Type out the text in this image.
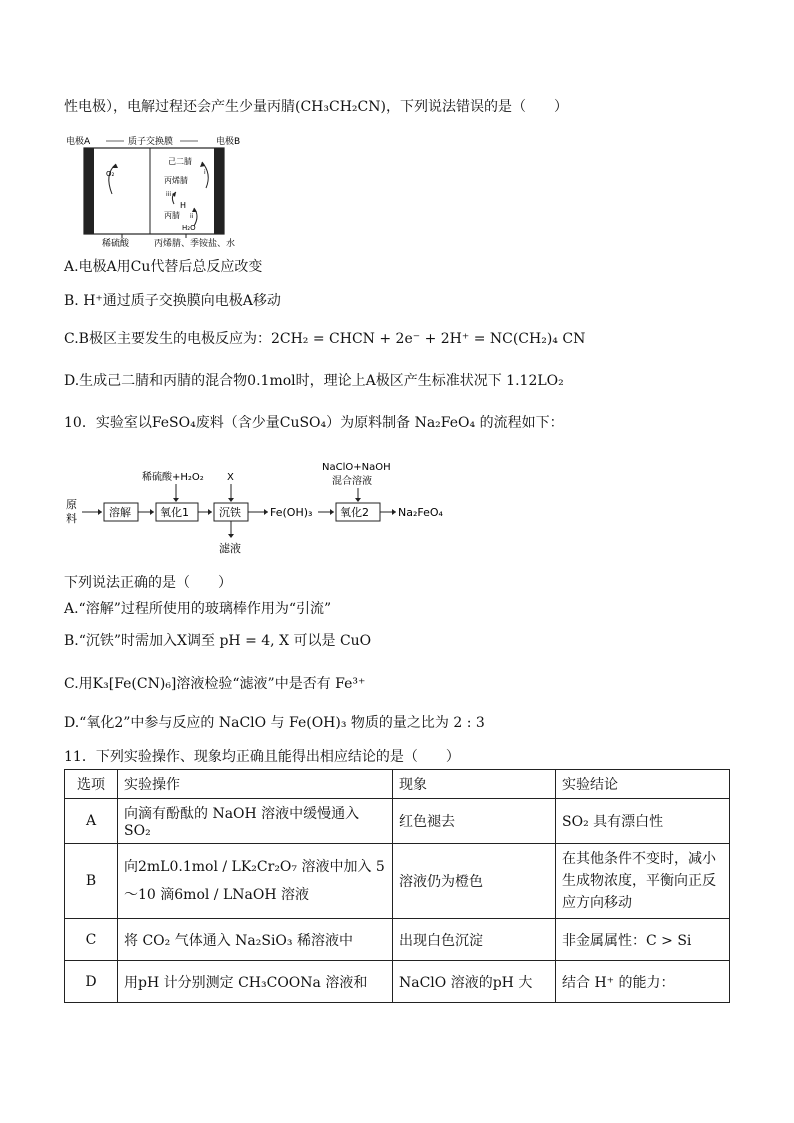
性电极），电解过程还会产生少量丙腈(CH₃CH₂CN)，下列说法错误的是（　　）
电极A	质子交换膜	电极B
O₂
己二腈
丙烯腈
iii
H
丙腈 ii
i
H₂O
稀硫酸	丙烯腈、季铵盐、水
A.电极A用Cu代替后总反应改变
B. H⁺通过质子交换膜向电极A移动
C.B极区主要发生的电极反应为：2CH₂ = CHCN + 2e⁻ + 2H⁺ = NC(CH₂)₄ CN
D.生成己二腈和丙腈的混合物0.1mol时，理论上A极区产生标准状况下 1.12LO₂
10．实验室以FeSO₄废料（含少量CuSO₄）为原料制备 Na₂FeO₄ 的流程如下：
原
料	溶解	氧化1	沉铁	Fe(OH)₃	氧化2	Na₂FeO₄
稀硫酸+H₂O₂ X
NaClO+NaOH
混合溶液
滤液
下列说法正确的是（　　）
A.“溶解”过程所使用的玻璃棒作用为“引流”
B.“沉铁”时需加入X调至 pH = 4, X 可以是 CuO
C.用K₃[Fe(CN)₆]溶液检验“滤液”中是否有 Fe³⁺
D.“氧化2”中参与反应的 NaClO 与 Fe(OH)₃ 物质的量之比为 2 : 3
11．下列实验操作、现象均正确且能得出相应结论的是（　　）
选项	实验操作	现象	实验结论
A	向滴有酚酞的 NaOH 溶液中缓慢通入 SO₂	红色褪去	SO₂ 具有漂白性
B	向2mL0.1mol / LK₂Cr₂O₇ 溶液中加入 5～10 滴6mol / LNaOH 溶液	溶液仍为橙色	在其他条件不变时，减小生成物浓度，平衡向正反应方向移动
C	将 CO₂ 气体通入 Na₂SiO₃ 稀溶液中	出现白色沉淀	非金属属性：C > Si
D	用pH 计分别测定 CH₃COONa 溶液和	NaClO 溶液的pH 大	结合 H⁺ 的能力：
